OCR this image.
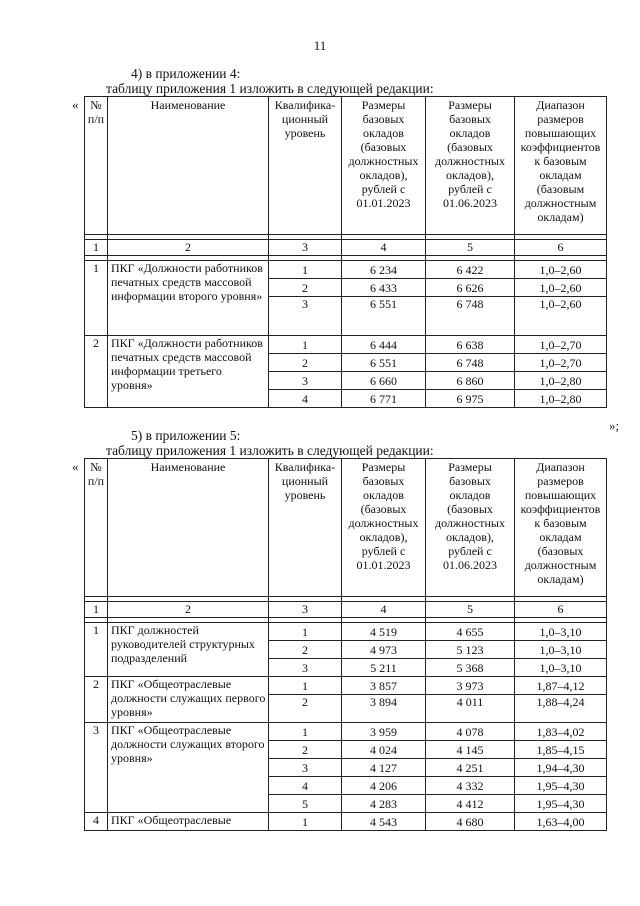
11
4) в приложении 4:
таблицу приложения 1 изложить в следующей редакции:
«
»;
№ п/п	Наименование	Квалифика-ционный уровень	Размеры базовых окладов (базовых должностных окладов), рублей с 01.01.2023	Размеры базовых окладов (базовых должностных окладов), рублей с 01.06.2023	Диапазон размеров повышающих коэффициентов к базовым окладам (базовым должностным окладам)

1	2	3	4	5	6

1	ПКГ «Должности работников печатных средств массовой информации второго уровня»	1	6 234	6 422	1,0–2,60
		2	6 433	6 626	1,0–2,60
		3	6 551	6 748	1,0–2,60
2	ПКГ «Должности работников печатных средств массовой информации третьего уровня»	1	6 444	6 638	1,0–2,70
		2	6 551	6 748	1,0–2,70
		3	6 660	6 860	1,0–2,80
		4	6 771	6 975	1,0–2,80
5) в приложении 5:
таблицу приложения 1 изложить в следующей редакции:
« № п/п	Наименование	Квалифика-ционный уровень	Размеры базовых окладов (базовых должностных окладов), рублей с 01.01.2023	Размеры базовых окладов (базовых должностных окладов), рублей с 01.06.2023	Диапазон размеров повышающих коэффициентов к базовым окладам (базовых должностным окладам)

1	2	3	4	5	6

1	ПКГ должностей руководителей структурных подразделений	1	4 519	4 655	1,0–3,10
		2	4 973	5 123	1,0–3,10
		3	5 211	5 368	1,0–3,10
2	ПКГ «Общеотраслевые должности служащих первого уровня»	1	3 857	3 973	1,87–4,12
		2	3 894	4 011	1,88–4,24
3	ПКГ «Общеотраслевые должности служащих второго уровня»	1	3 959	4 078	1,83–4,02
		2	4 024	4 145	1,85–4,15
		3	4 127	4 251	1,94–4,30
		4	4 206	4 332	1,95–4,30
		5	4 283	4 412	1,95–4,30
4	ПКГ «Общеотраслевые	1	4 543	4 680	1,63–4,00
